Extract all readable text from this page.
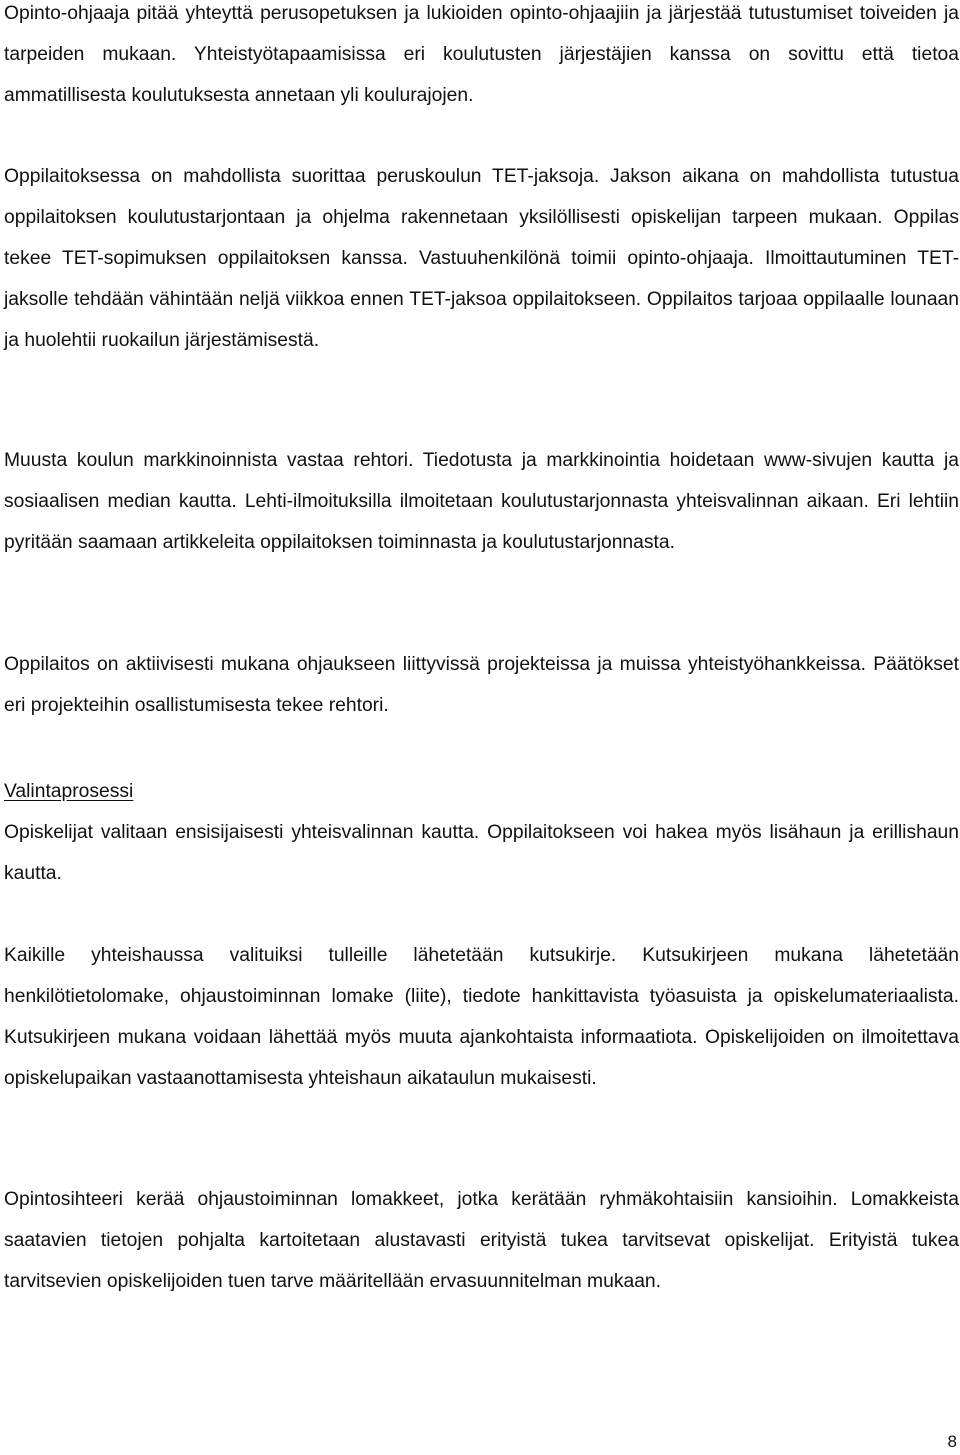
Opinto-ohjaaja pitää yhteyttä perusopetuksen ja lukioiden opinto-ohjaajiin ja järjestää tutustumiset toiveiden ja tarpeiden mukaan. Yhteistyötapaamisissa eri koulutusten järjestäjien kanssa on sovittu että tietoa ammatillisesta koulutuksesta annetaan yli koulurajojen.

Oppilaitoksessa on mahdollista suorittaa peruskoulun TET-jaksoja. Jakson aikana on mahdollista tutustua oppilaitoksen koulutustarjontaan ja ohjelma rakennetaan yksilöllisesti opiskelijan tarpeen mukaan. Oppilas tekee TET-sopimuksen oppilaitoksen kanssa. Vastuuhenkilönä toimii opinto-ohjaaja. Ilmoittautuminen TET-jaksolle tehdään vähintään neljä viikkoa ennen TET-jaksoa oppilaitokseen. Oppilaitos tarjoaa oppilaalle lounaan ja huolehtii ruokailun järjestämisestä.

Muusta koulun markkinoinnista vastaa rehtori. Tiedotusta ja markkinointia hoidetaan www-sivujen kautta ja sosiaalisen median kautta. Lehti-ilmoituksilla ilmoitetaan koulutustarjonnasta yhteisvalinnan aikaan. Eri lehtiin pyritään saamaan artikkeleita oppilaitoksen toiminnasta ja koulutustarjonnasta.

Oppilaitos on aktiivisesti mukana ohjaukseen liittyvissä projekteissa ja muissa yhteistyöhankkeissa. Päätökset eri projekteihin osallistumisesta tekee rehtori.

Valintaprosessi

Opiskelijat valitaan ensisijaisesti yhteisvalinnan kautta. Oppilaitokseen voi hakea myös lisähaun ja erillishaun kautta.

Kaikille yhteishaussa valituiksi tulleille lähetetään kutsukirje. Kutsukirjeen mukana lähetetään henkilötietolomake, ohjaustoiminnan lomake (liite), tiedote hankittavista työasuista ja opiskelumateriaalista. Kutsukirjeen mukana voidaan lähettää myös muuta ajankohtaista informaatiota. Opiskelijoiden on ilmoitettava opiskelupaikan vastaanottamisesta yhteishaun aikataulun mukaisesti.

Opintosihteeri kerää ohjaustoiminnan lomakkeet, jotka kerätään ryhmäkohtaisiin kansioihin. Lomakkeista saatavien tietojen pohjalta kartoitetaan alustavasti erityistä tukea tarvitsevat opiskelijat. Erityistä tukea tarvitsevien opiskelijoiden tuen tarve määritellään ervasuunnitelman mukaan.

8
